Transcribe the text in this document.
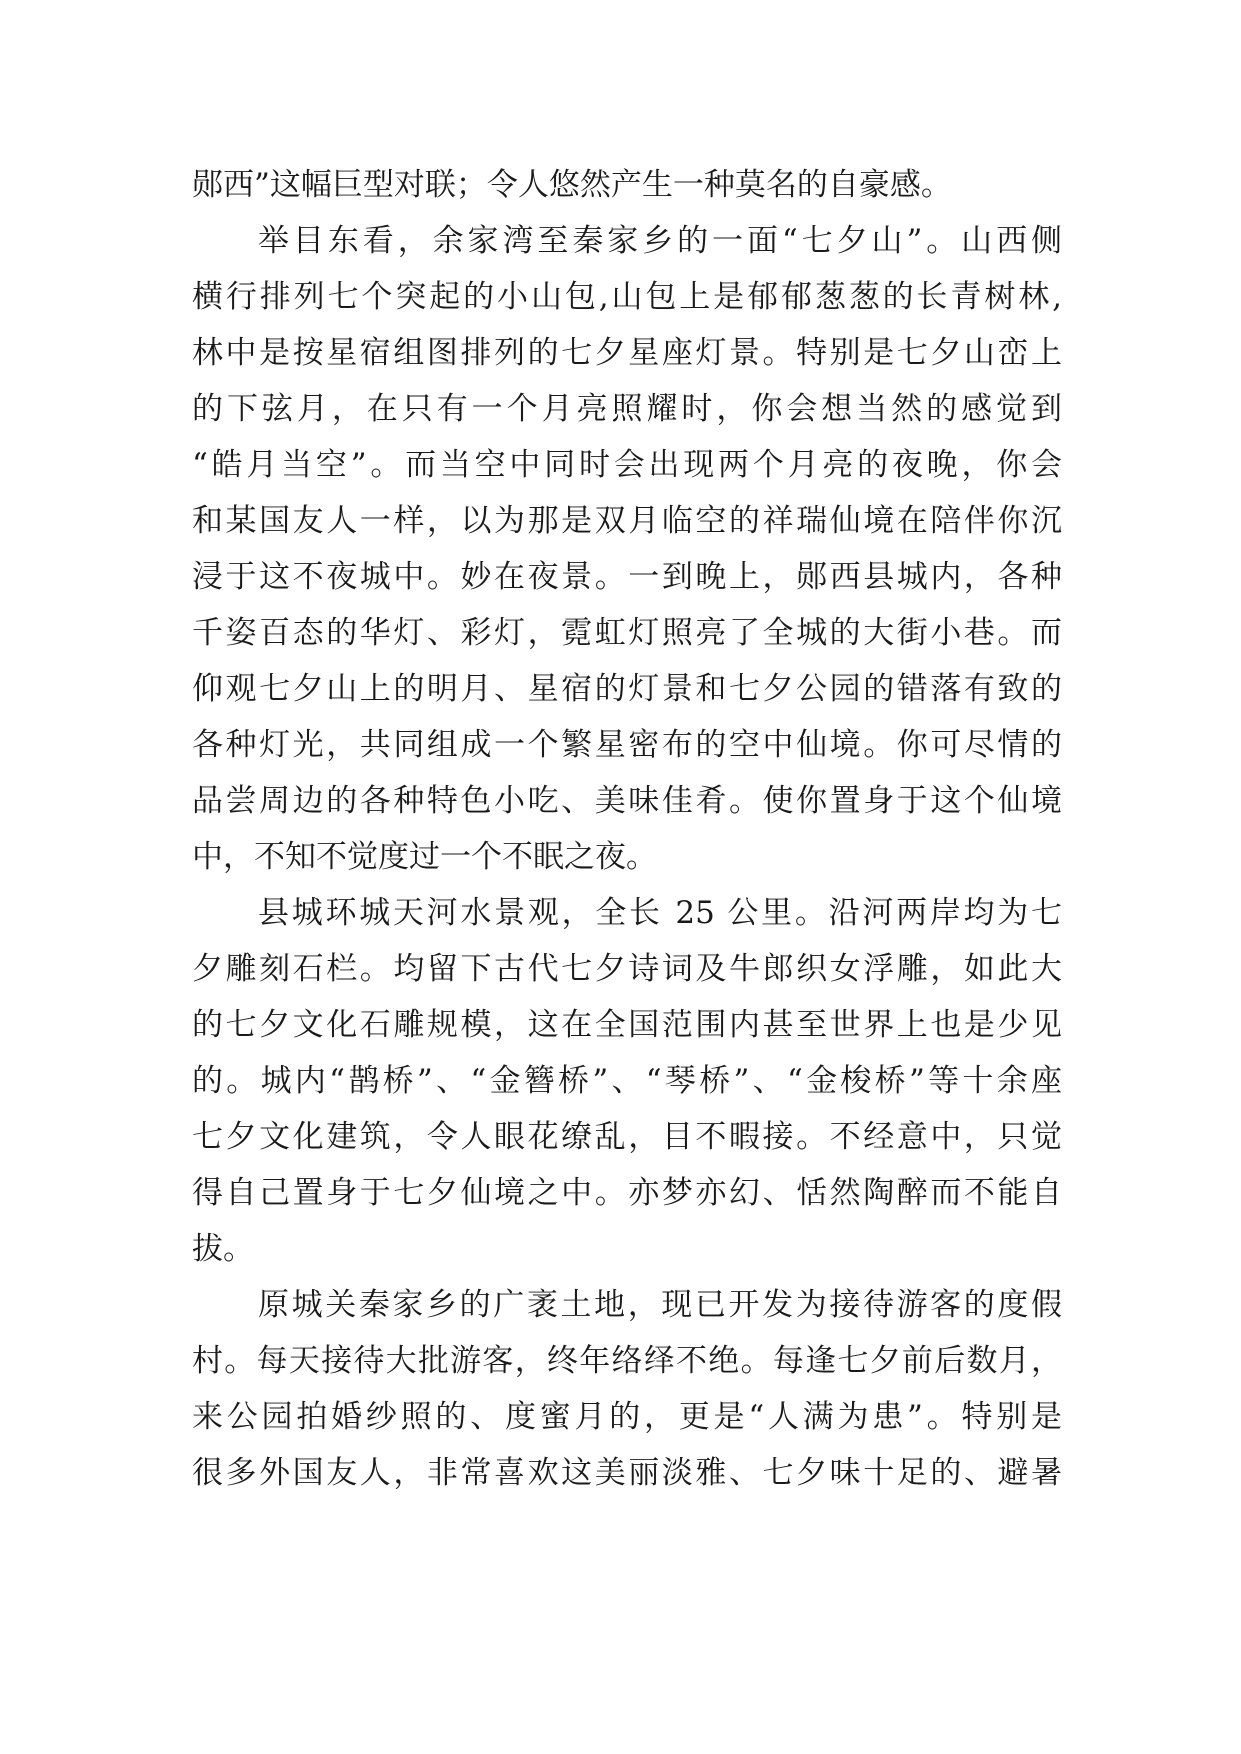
郧西”这幅巨型对联；令人悠然产生一种莫名的自豪感。
举目东看，余家湾至秦家乡的一面“七夕山”。山西侧
横行排列七个突起的小山包,山包上是郁郁葱葱的长青树林,
林中是按星宿组图排列的七夕星座灯景。特别是七夕山峦上
的下弦月，在只有一个月亮照耀时，你会想当然的感觉到
“皓月当空”。而当空中同时会出现两个月亮的夜晚，你会
和某国友人一样，以为那是双月临空的祥瑞仙境在陪伴你沉
浸于这不夜城中。妙在夜景。一到晚上，郧西县城内，各种
千姿百态的华灯、彩灯，霓虹灯照亮了全城的大街小巷。而
仰观七夕山上的明月、星宿的灯景和七夕公园的错落有致的
各种灯光，共同组成一个繁星密布的空中仙境。你可尽情的
品尝周边的各种特色小吃、美味佳肴。使你置身于这个仙境
中，不知不觉度过一个不眠之夜。
县城环城天河水景观，全长 25 公里。沿河两岸均为七
夕雕刻石栏。均留下古代七夕诗词及牛郎织女浮雕，如此大
的七夕文化石雕规模，这在全国范围内甚至世界上也是少见
的。城内“鹊桥”、“金簪桥”、“琴桥”、“金梭桥”等十余座
七夕文化建筑，令人眼花缭乱，目不暇接。不经意中，只觉
得自己置身于七夕仙境之中。亦梦亦幻、恬然陶醉而不能自
拔。
原城关秦家乡的广袤土地，现已开发为接待游客的度假
村。每天接待大批游客，终年络绎不绝。每逢七夕前后数月，
来公园拍婚纱照的、度蜜月的，更是“人满为患”。特别是
很多外国友人，非常喜欢这美丽淡雅、七夕味十足的、避暑
